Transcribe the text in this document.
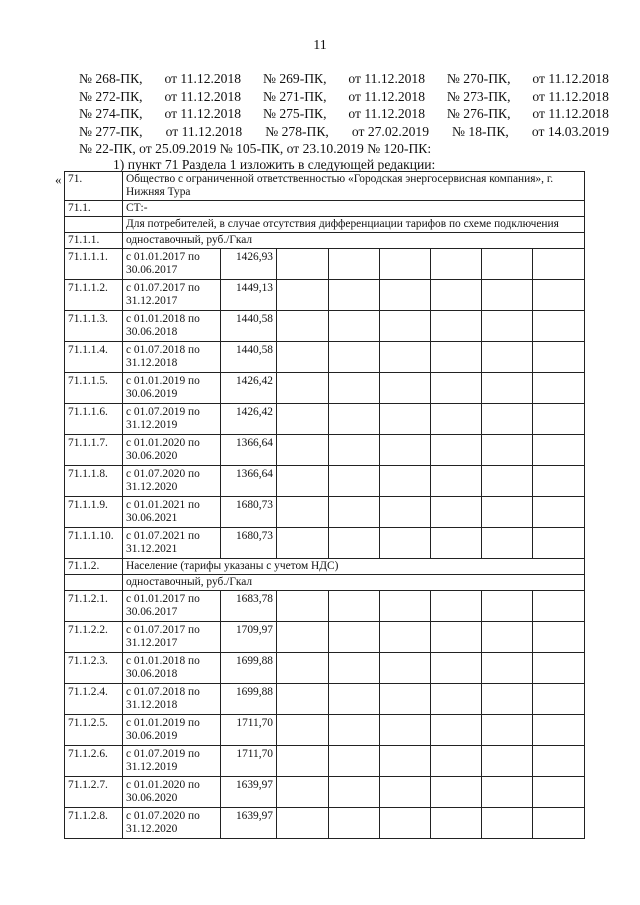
11
№ 268-ПК, от 11.12.2018 № 269-ПК, от 11.12.2018 № 270-ПК, от 11.12.2018
№ 272-ПК, от 11.12.2018 № 271-ПК, от 11.12.2018 № 273-ПК, от 11.12.2018
№ 274-ПК, от 11.12.2018 № 275-ПК, от 11.12.2018 № 276-ПК, от 11.12.2018
№ 277-ПК, от 11.12.2018 № 278-ПК, от 27.02.2019 № 18-ПК, от 14.03.2019
№ 22-ПК, от 25.09.2019 № 105-ПК, от 23.10.2019 № 120-ПК:
1) пункт 71 Раздела 1 изложить в следующей редакции:
« 71.	Общество с ограниченной ответственностью «Городская энергосервисная компания», г. Нижняя Тура							
71.1.	СТ:-							
	Для потребителей, в случае отсутствия дифференциации тарифов по схеме подключения							
71.1.1.	одноставочный, руб./Гкал							
71.1.1.1.	с 01.01.2017 по 30.06.2017	1426,93						
71.1.1.2.	с 01.07.2017 по 31.12.2017	1449,13						
71.1.1.3.	с 01.01.2018 по 30.06.2018	1440,58						
71.1.1.4.	с 01.07.2018 по 31.12.2018	1440,58						
71.1.1.5.	с 01.01.2019 по 30.06.2019	1426,42						
71.1.1.6.	с 01.07.2019 по 31.12.2019	1426,42						
71.1.1.7.	с 01.01.2020 по 30.06.2020	1366,64						
71.1.1.8.	с 01.07.2020 по 31.12.2020	1366,64						
71.1.1.9.	с 01.01.2021 по 30.06.2021	1680,73						
71.1.1.10.	с 01.07.2021 по 31.12.2021	1680,73						
71.1.2.	Население (тарифы указаны с учетом НДС)							
	одноставочный, руб./Гкал							
71.1.2.1.	с 01.01.2017 по 30.06.2017	1683,78						
71.1.2.2.	с 01.07.2017 по 31.12.2017	1709,97						
71.1.2.3.	с 01.01.2018 по 30.06.2018	1699,88						
71.1.2.4.	с 01.07.2018 по 31.12.2018	1699,88						
71.1.2.5.	с 01.01.2019 по 30.06.2019	1711,70						
71.1.2.6.	с 01.07.2019 по 31.12.2019	1711,70						
71.1.2.7.	с 01.01.2020 по 30.06.2020	1639,97						
71.1.2.8.	с 01.07.2020 по 31.12.2020	1639,97						
